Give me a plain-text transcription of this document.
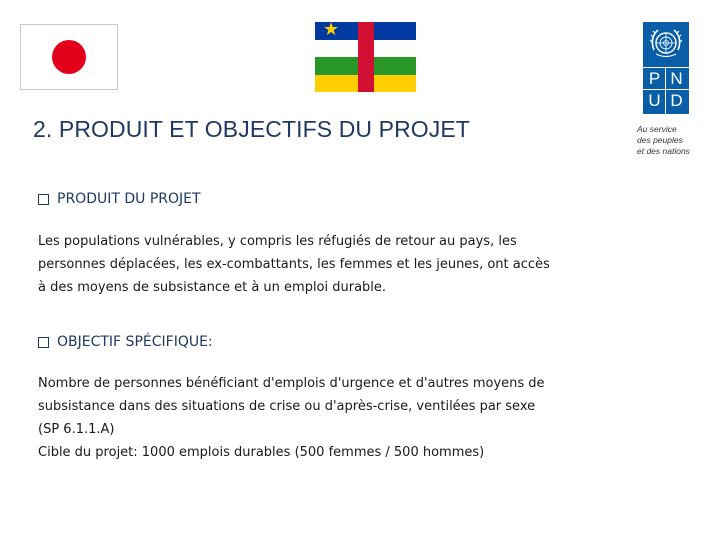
★
P N
U D
Au service
des peuples
et des nations
2. PRODUIT ET OBJECTIFS DU PROJET
PRODUIT DU PROJET
Les populations vulnérables, y compris les réfugiés de retour au pays, les
personnes déplacées, les ex-combattants, les femmes et les jeunes, ont accès
à des moyens de subsistance et à un emploi durable.
OBJECTIF SPÉCIFIQUE:
Nombre de personnes bénéficiant d'emplois d'urgence et d'autres moyens de
subsistance dans des situations de crise ou d'après-crise, ventilées par sexe
(SP 6.1.1.A)
Cible du projet: 1000 emplois durables (500 femmes / 500 hommes)
